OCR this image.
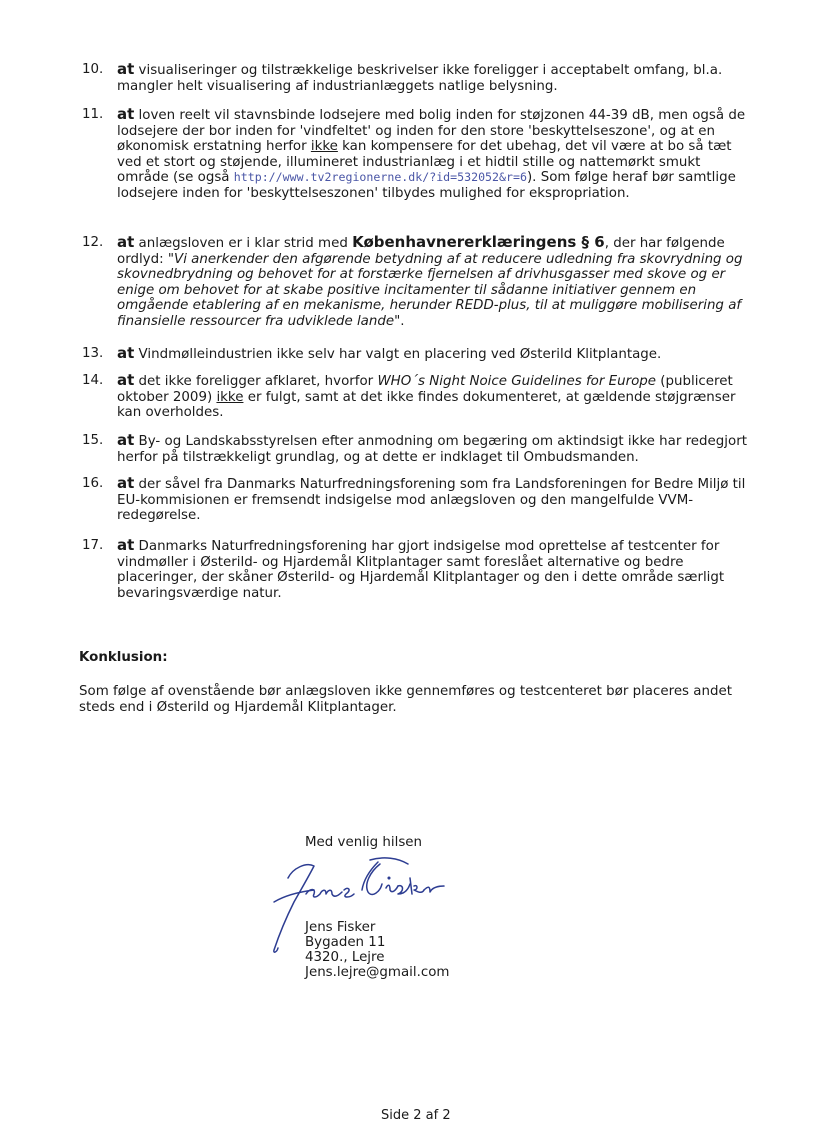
10. at visualiseringer og tilstrækkelige beskrivelser ikke foreligger i acceptabelt omfang, bl.a. mangler helt visualisering af industrianlæggets natlige belysning.
11. at loven reelt vil stavnsbinde lodsejere med bolig inden for støjzonen 44-39 dB, men også de lodsejere der bor inden for 'vindfeltet' og inden for den store 'beskyttelseszone', og at en økonomisk erstatning herfor ikke kan kompensere for det ubehag, det vil være at bo så tæt ved et stort og støjende, illumineret industrianlæg i et hidtil stille og nattemørkt smukt område (se også http://www.tv2regionerne.dk/?id=532052&r=6). Som følge heraf bør samtlige lodsejere inden for 'beskyttelseszonen' tilbydes mulighed for ekspropriation.
12. at anlægsloven er i klar strid med Københavnererklæringens § 6, der har følgende ordlyd: "Vi anerkender den afgørende betydning af at reducere udledning fra skovrydning og skovnedbrydning og behovet for at forstærke fjernelsen af drivhusgasser med skove og er enige om behovet for at skabe positive incitamenter til sådanne initiativer gennem en omgående etablering af en mekanisme, herunder REDD-plus, til at muliggøre mobilisering af finansielle ressourcer fra udviklede lande".
13. at Vindmølleindustrien ikke selv har valgt en placering ved Østerild Klitplantage.
14. at det ikke foreligger afklaret, hvorfor WHO´s Night Noice Guidelines for Europe (publiceret oktober 2009) ikke er fulgt, samt at det ikke findes dokumenteret, at gældende støjgrænser kan overholdes.
15. at By- og Landskabsstyrelsen efter anmodning om begæring om aktindsigt ikke har redegjort herfor på tilstrækkeligt grundlag, og at dette er indklaget til Ombudsmanden.
16. at der såvel fra Danmarks Naturfredningsforening som fra Landsforeningen for Bedre Miljø til EU-kommisionen er fremsendt indsigelse mod anlægsloven og den mangelfulde VVM-redegørelse.
17. at Danmarks Naturfredningsforening har gjort indsigelse mod oprettelse af testcenter for vindmøller i Østerild- og Hjardemål Klitplantager samt foreslået alternative og bedre placeringer, der skåner Østerild- og Hjardemål Klitplantager og den i dette område særligt bevaringsværdige natur.
Konklusion:
Som følge af ovenstående bør anlægsloven ikke gennemføres og testcenteret bør placeres andet steds end i Østerild og Hjardemål Klitplantager.
Med venlig hilsen
Jens Fisker
Bygaden 11
4320., Lejre
Jens.lejre@gmail.com
Side 2 af 2
